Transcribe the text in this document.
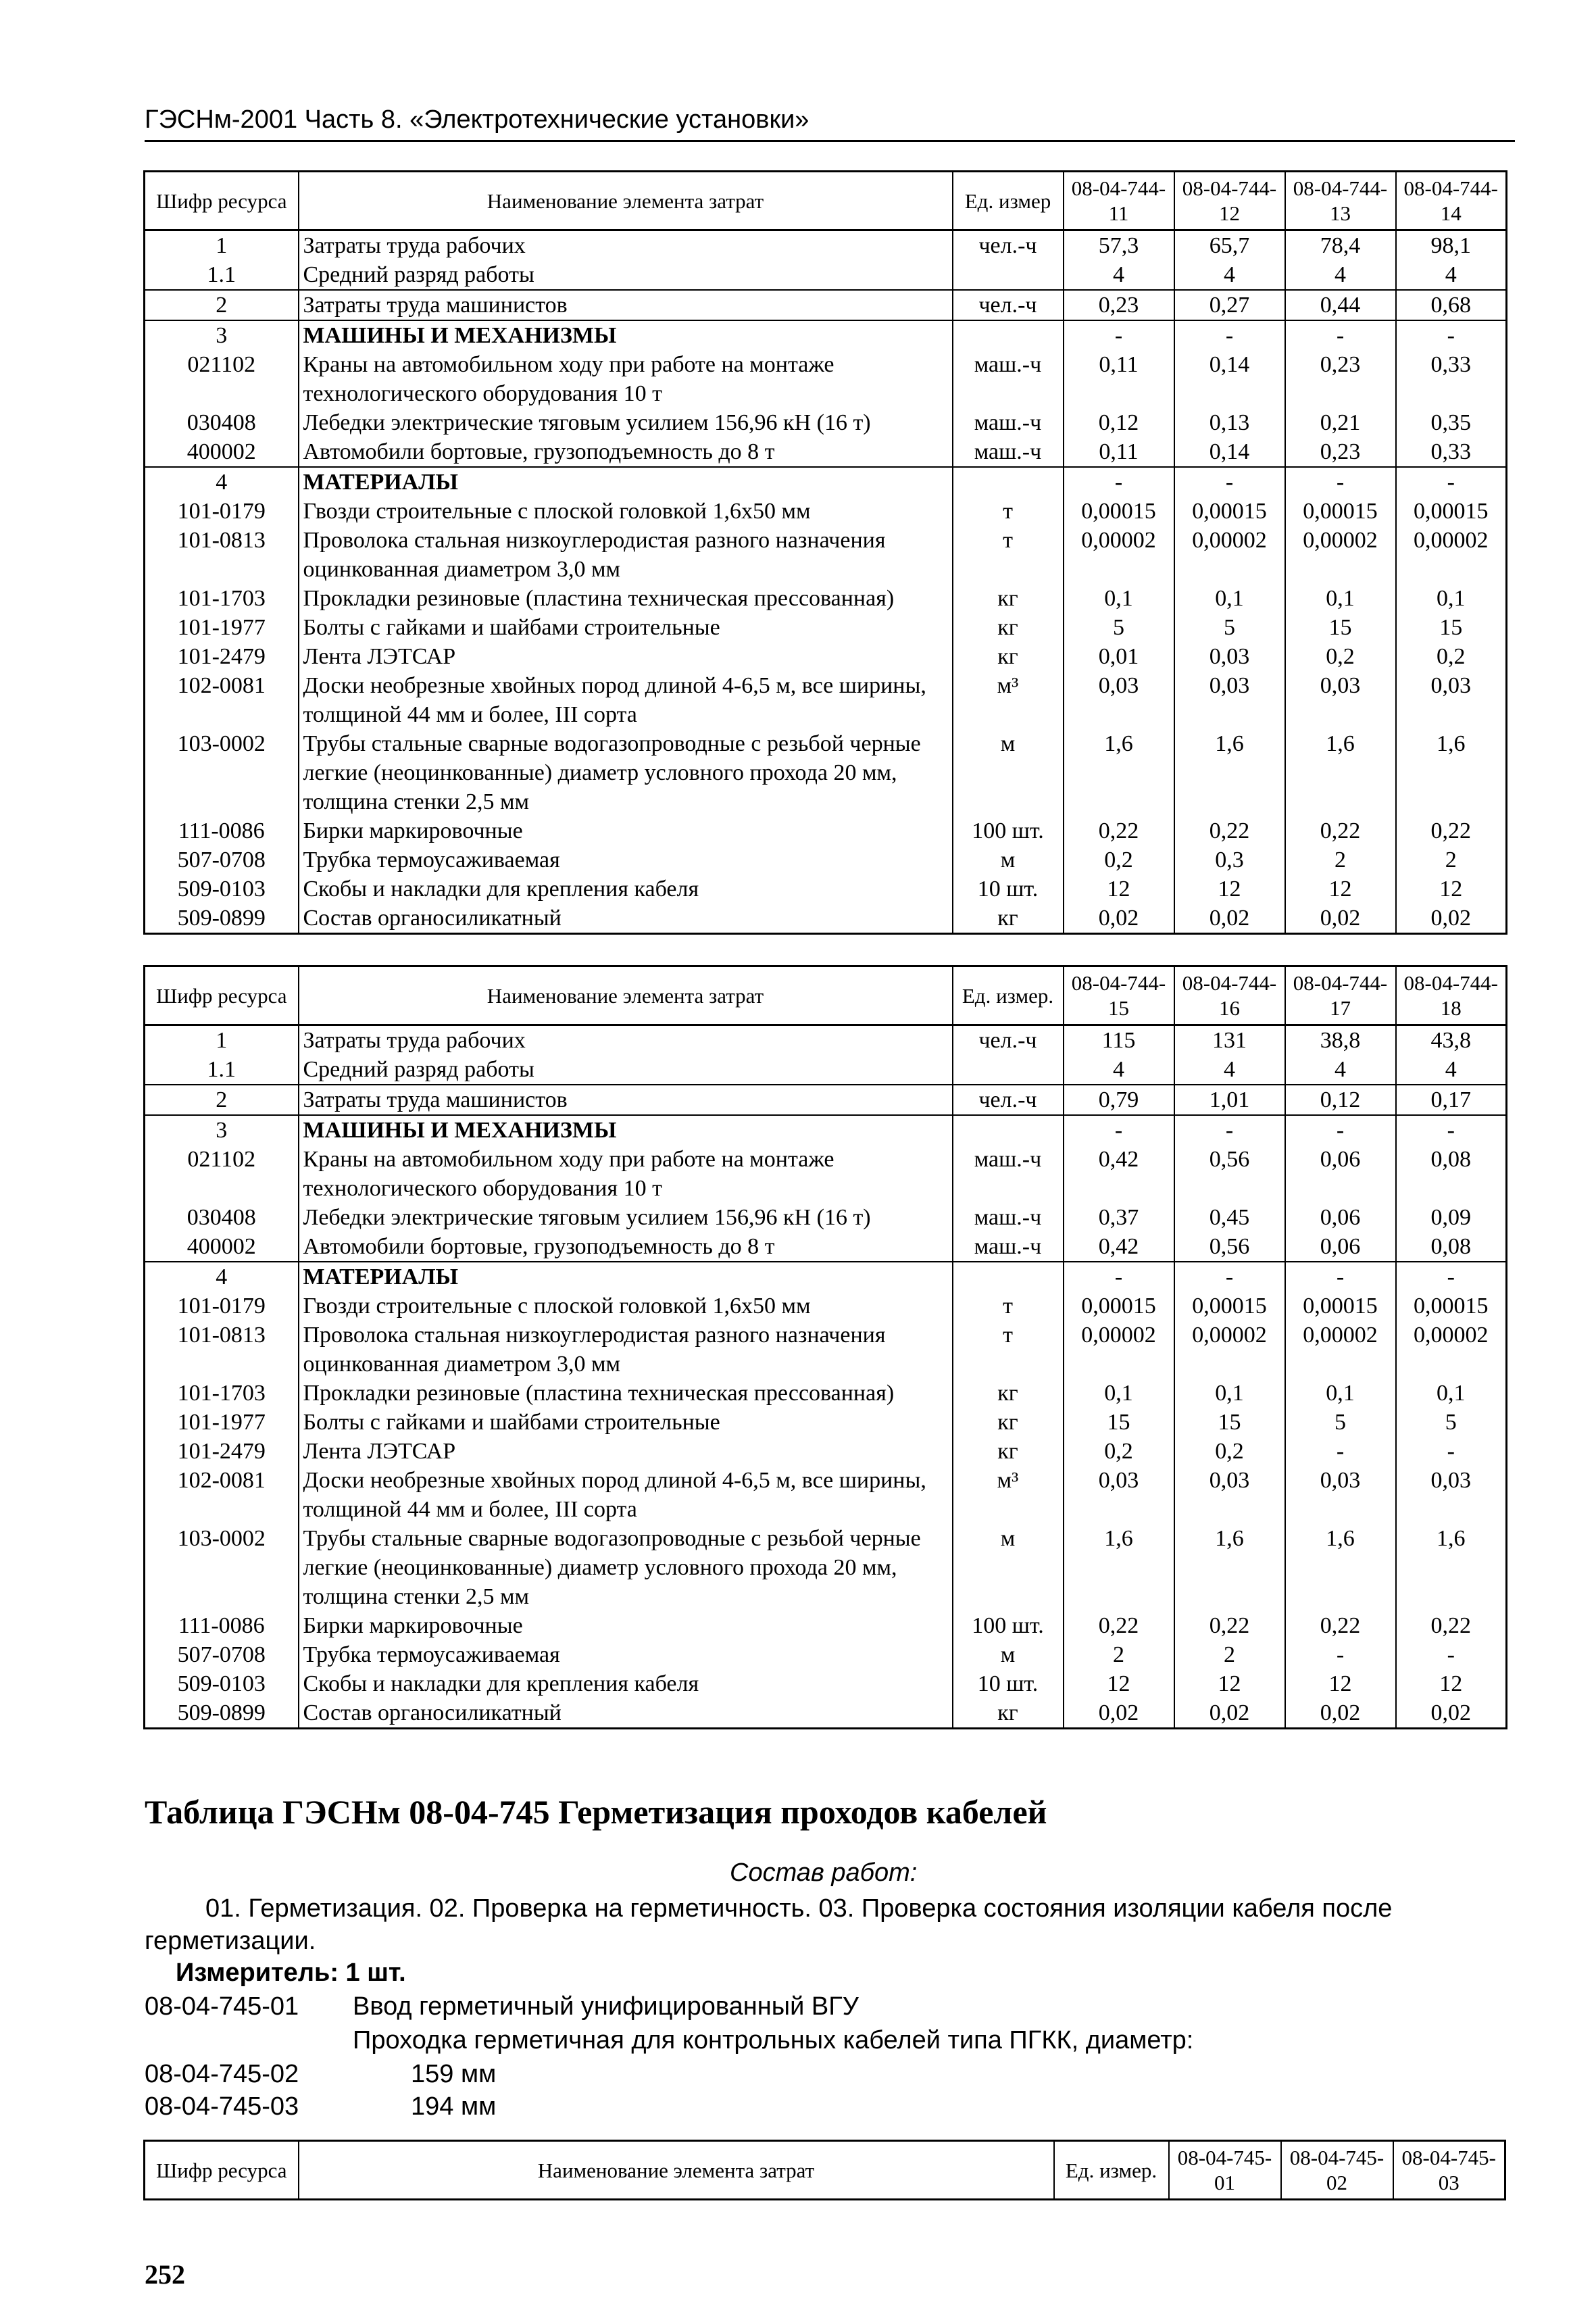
ГЭСНм-2001 Часть 8. «Электротехнические установки»
Шифр ресурса	Наименование элемента затрат	Ед. измер	08-04-744-11	08-04-744-12	08-04-744-13	08-04-744-14
1	Затраты труда рабочих	чел.-ч	57,3	65,7	78,4	98,1
1.1	Средний разряд работы		4	4	4	4
2	Затраты труда машинистов	чел.-ч	0,23	0,27	0,44	0,68
3	МАШИНЫ И МЕХАНИЗМЫ		-	-	-	-
021102	Краны на автомобильном ходу при работе на монтаже технологического оборудования 10 т	маш.-ч	0,11	0,14	0,23	0,33
030408	Лебедки электрические тяговым усилием 156,96 кН (16 т)	маш.-ч	0,12	0,13	0,21	0,35
400002	Автомобили бортовые, грузоподъемность до 8 т	маш.-ч	0,11	0,14	0,23	0,33
4	МАТЕРИАЛЫ		-	-	-	-
101-0179	Гвозди строительные с плоской головкой 1,6х50 мм	т	0,00015	0,00015	0,00015	0,00015
101-0813	Проволока стальная низкоуглеродистая разного назначения оцинкованная диаметром 3,0 мм	т	0,00002	0,00002	0,00002	0,00002
101-1703	Прокладки резиновые (пластина техническая прессованная)	кг	0,1	0,1	0,1	0,1
101-1977	Болты с гайками и шайбами строительные	кг	5	5	15	15
101-2479	Лента ЛЭТСАР	кг	0,01	0,03	0,2	0,2
102-0081	Доски необрезные хвойных пород длиной 4-6,5 м, все ширины, толщиной 44 мм и более, III сорта	м³	0,03	0,03	0,03	0,03
103-0002	Трубы стальные сварные водогазопроводные с резьбой черные легкие (неоцинкованные) диаметр условного прохода 20 мм, толщина стенки 2,5 мм	м	1,6	1,6	1,6	1,6
111-0086	Бирки маркировочные	100 шт.	0,22	0,22	0,22	0,22
507-0708	Трубка термоусаживаемая	м	0,2	0,3	2	2
509-0103	Скобы и накладки для крепления кабеля	10 шт.	12	12	12	12
509-0899	Состав органосиликатный	кг	0,02	0,02	0,02	0,02
Шифр ресурса	Наименование элемента затрат	Ед. измер.	08-04-744-15	08-04-744-16	08-04-744-17	08-04-744-18
1	Затраты труда рабочих	чел.-ч	115	131	38,8	43,8
1.1	Средний разряд работы		4	4	4	4
2	Затраты труда машинистов	чел.-ч	0,79	1,01	0,12	0,17
3	МАШИНЫ И МЕХАНИЗМЫ		-	-	-	-
021102	Краны на автомобильном ходу при работе на монтаже технологического оборудования 10 т	маш.-ч	0,42	0,56	0,06	0,08
030408	Лебедки электрические тяговым усилием 156,96 кН (16 т)	маш.-ч	0,37	0,45	0,06	0,09
400002	Автомобили бортовые, грузоподъемность до 8 т	маш.-ч	0,42	0,56	0,06	0,08
4	МАТЕРИАЛЫ		-	-	-	-
101-0179	Гвозди строительные с плоской головкой 1,6х50 мм	т	0,00015	0,00015	0,00015	0,00015
101-0813	Проволока стальная низкоуглеродистая разного назначения оцинкованная диаметром 3,0 мм	т	0,00002	0,00002	0,00002	0,00002
101-1703	Прокладки резиновые (пластина техническая прессованная)	кг	0,1	0,1	0,1	0,1
101-1977	Болты с гайками и шайбами строительные	кг	15	15	5	5
101-2479	Лента ЛЭТСАР	кг	0,2	0,2	-	-
102-0081	Доски необрезные хвойных пород длиной 4-6,5 м, все ширины, толщиной 44 мм и более, III сорта	м³	0,03	0,03	0,03	0,03
103-0002	Трубы стальные сварные водогазопроводные с резьбой черные легкие (неоцинкованные) диаметр условного прохода 20 мм, толщина стенки 2,5 мм	м	1,6	1,6	1,6	1,6
111-0086	Бирки маркировочные	100 шт.	0,22	0,22	0,22	0,22
507-0708	Трубка термоусаживаемая	м	2	2	-	-
509-0103	Скобы и накладки для крепления кабеля	10 шт.	12	12	12	12
509-0899	Состав органосиликатный	кг	0,02	0,02	0,02	0,02
Таблица ГЭСНм 08-04-745 Герметизация проходов кабелей
Состав работ:
01. Герметизация. 02. Проверка на герметичность. 03. Проверка состояния изоляции кабеля после герметизации.
Измеритель: 1 шт.
08-04-745-01 Ввод герметичный унифицированный ВГУ
Проходка герметичная для контрольных кабелей типа ПГКК, диаметр:
08-04-745-02	159 мм
08-04-745-03	194 мм
Шифр ресурса	Наименование элемента затрат	Ед. измер.	08-04-745-01	08-04-745-02	08-04-745-03
252
